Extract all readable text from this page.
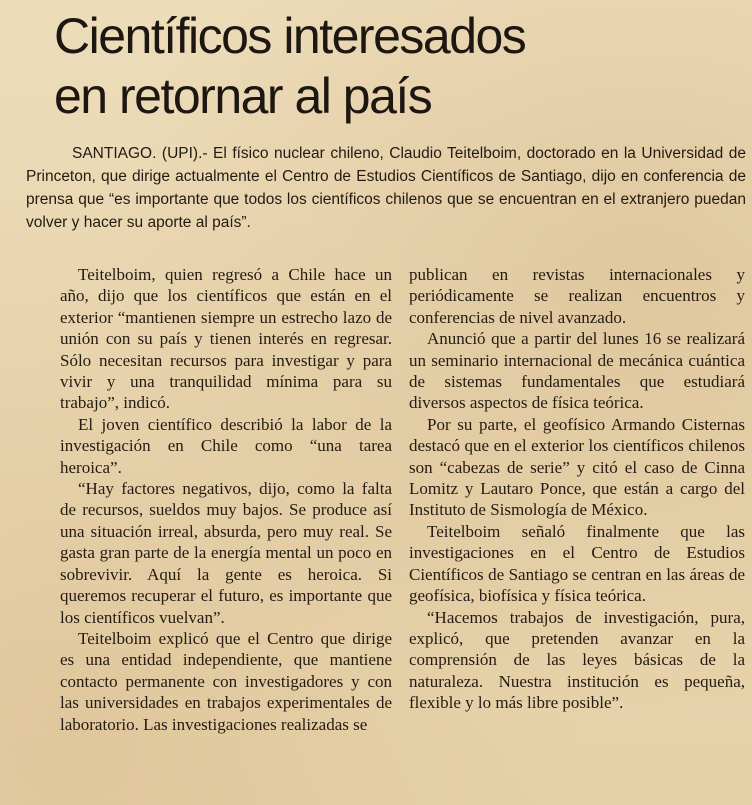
Científicos interesados
en retornar al país

SANTIAGO. (UPI).- El físico nuclear chileno, Claudio Teitelboim, doctorado en la Universidad de Princeton, que dirige actualmente el Centro de Estudios Científicos de Santiago, dijo en conferencia de prensa que “es importante que todos los científicos chilenos que se encuentran en el extranjero puedan volver y hacer su aporte al país”.

Teitelboim, quien regresó a Chile hace un año, dijo que los científicos que están en el exterior “mantienen siempre un estrecho lazo de unión con su país y tienen interés en regresar. Sólo necesitan recursos para investigar y para vivir y una tranquilidad mínima para su trabajo”, indicó.

El joven científico describió la labor de la investigación en Chile como “una tarea heroica”.

“Hay factores negativos, dijo, como la falta de recursos, sueldos muy bajos. Se produce así una situación irreal, absurda, pero muy real. Se gasta gran parte de la energía mental un poco en sobrevivir. Aquí la gente es heroica. Si queremos recuperar el futuro, es importante que los científicos vuelvan”.

Teitelboim explicó que el Centro que dirige es una entidad independiente, que mantiene contacto permanente con investigadores y con las universidades en trabajos experimentales de laboratorio. Las investigaciones realizadas se

publican en revistas internacionales y periódicamente se realizan encuentros y conferencias de nivel avanzado.

Anunció que a partir del lunes 16 se realizará un seminario internacional de mecánica cuántica de sistemas fundamentales que estudiará diversos aspectos de física teórica.

Por su parte, el geofísico Armando Cisternas destacó que en el exterior los científicos chilenos son “cabezas de serie” y citó el caso de Cinna Lomitz y Lautaro Ponce, que están a cargo del Instituto de Sismología de México.

Teitelboim señaló finalmente que las investigaciones en el Centro de Estudios Científicos de Santiago se centran en las áreas de geofísica, biofísica y física teórica.

“Hacemos trabajos de investigación, pura, explicó, que pretenden avanzar en la comprensión de las leyes básicas de la naturaleza. Nuestra institución es pequeña, flexible y lo más libre posible”.
